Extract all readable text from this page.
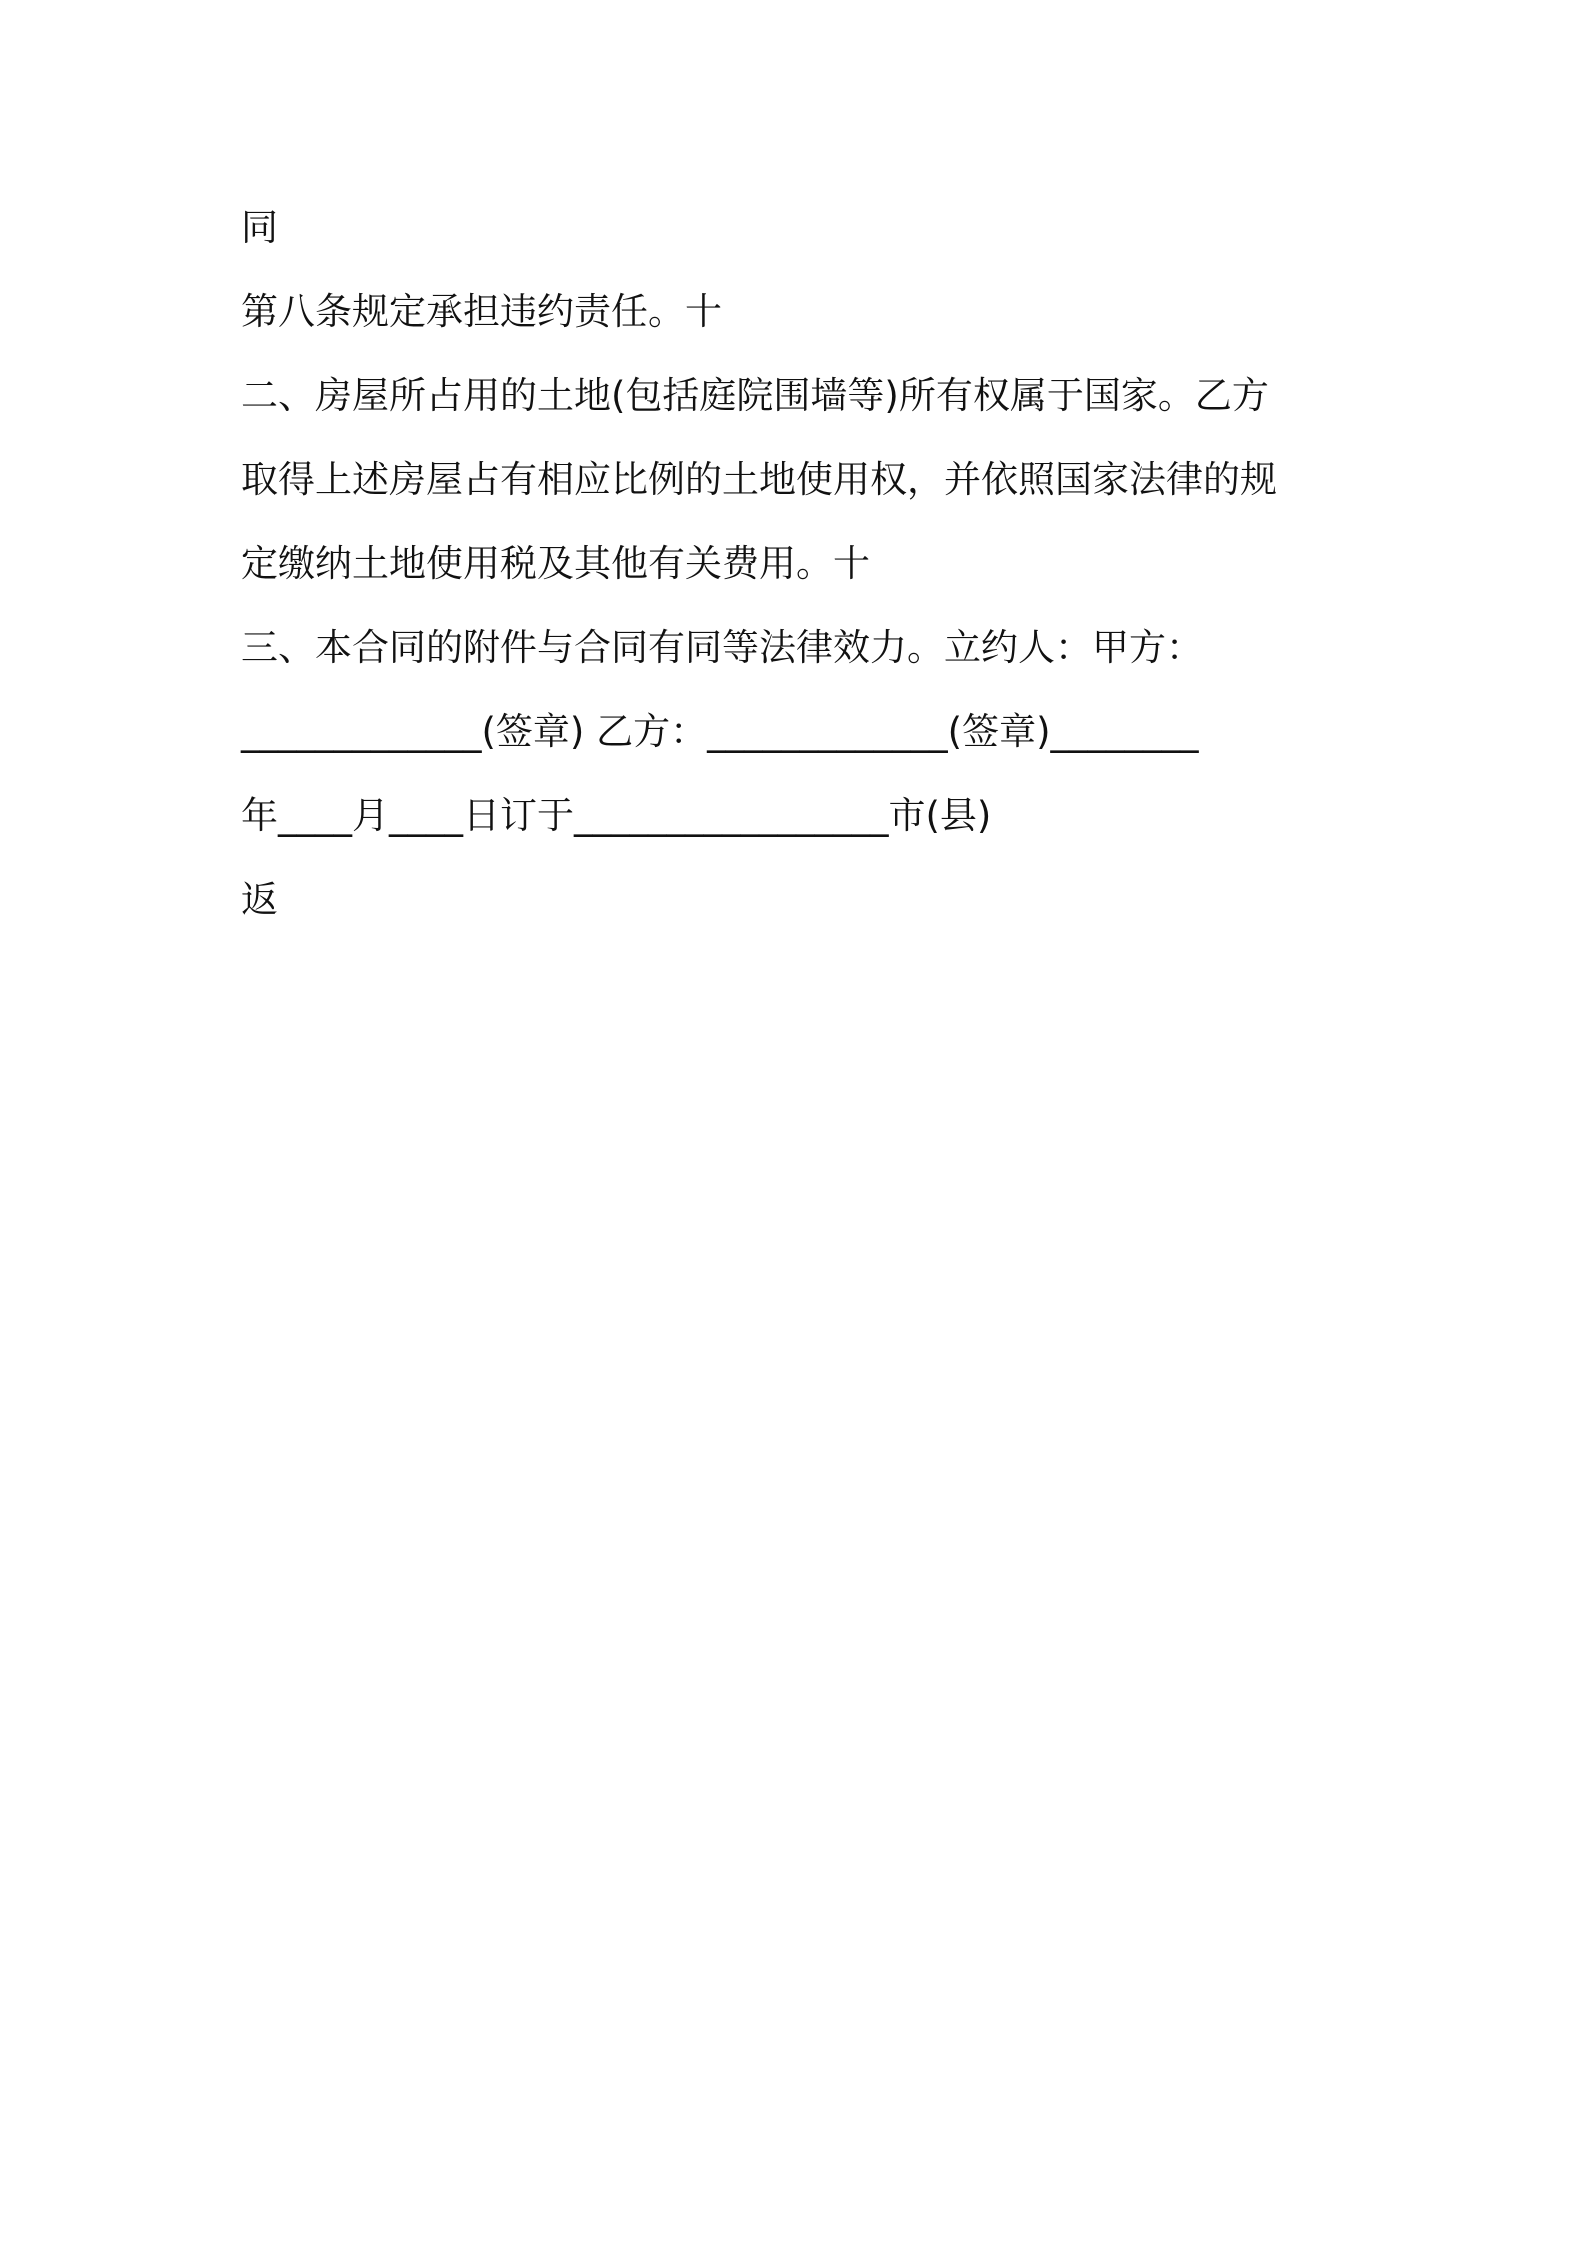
同
第八条规定承担违约责任。十
二、房屋所占用的土地(包括庭院围墙等)所有权属于国家。乙方
取得上述房屋占有相应比例的土地使用权，并依照国家法律的规
定缴纳土地使用税及其他有关费用。十
三、本合同的附件与合同有同等法律效力。立约人：甲方：
_____________(签章) 乙方：_____________(签章)________
年____月____日订于_________________市(县)
返
